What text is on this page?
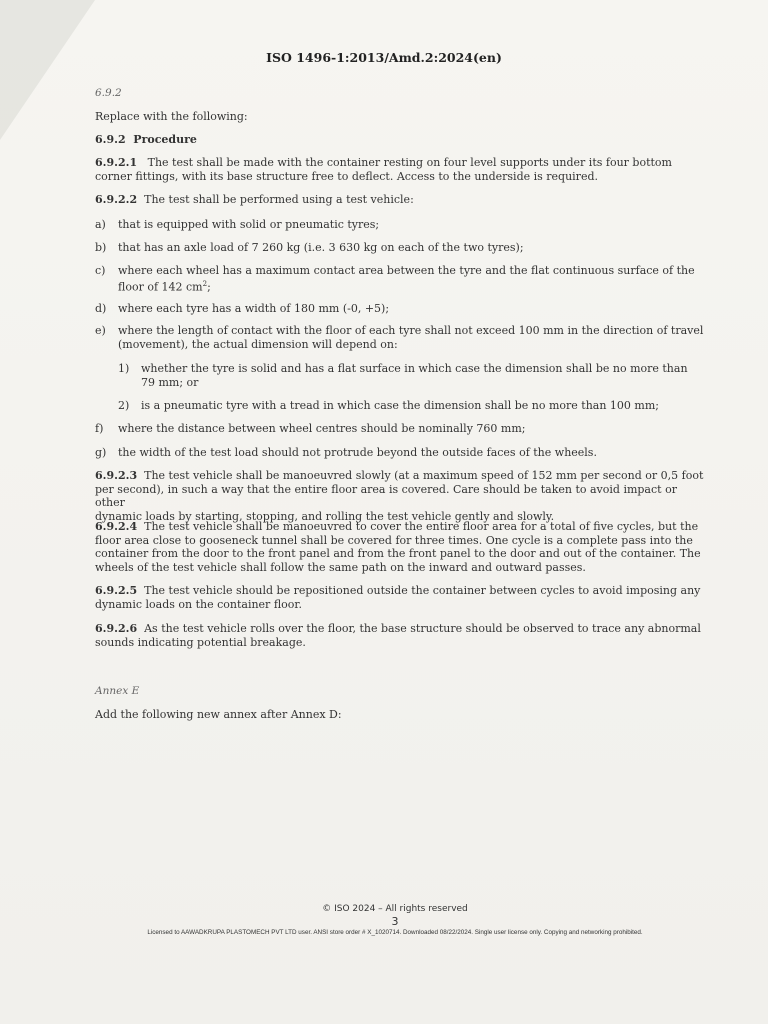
ISO 1496-1:2013/Amd.2:2024(en)
6.9.2
Replace with the following:
6.9.2 Procedure
6.9.2.1 The test shall be made with the container resting on four level supports under its four bottom
corner fittings, with its base structure free to deflect. Access to the underside is required.
6.9.2.2 The test shall be performed using a test vehicle:
a) that is equipped with solid or pneumatic tyres;
b) that has an axle load of 7 260 kg (i.e. 3 630 kg on each of the two tyres);
c) where each wheel has a maximum contact area between the tyre and the flat continuous surface of the
floor of 142 $cm^2$;
d) where each tyre has a width of 180 mm (-0, +5);
e) where the length of contact with the floor of each tyre shall not exceed 100 mm in the direction of travel
(movement), the actual dimension will depend on:
1) whether the tyre is solid and has a flat surface in which case the dimension shall be no more than
79 mm; or
2) is a pneumatic tyre with a tread in which case the dimension shall be no more than 100 mm;
f) where the distance between wheel centres should be nominally 760 mm;
g) the width of the test load should not protrude beyond the outside faces of the wheels.
6.9.2.3 The test vehicle shall be manoeuvred slowly (at a maximum speed of 152 mm per second or 0,5 foot
per second), in such a way that the entire floor area is covered. Care should be taken to avoid impact or other
dynamic loads by starting, stopping, and rolling the test vehicle gently and slowly.
6.9.2.4 The test vehicle shall be manoeuvred to cover the entire floor area for a total of five cycles, but the
floor area close to gooseneck tunnel shall be covered for three times. One cycle is a complete pass into the
container from the door to the front panel and from the front panel to the door and out of the container. The
wheels of the test vehicle shall follow the same path on the inward and outward passes.
6.9.2.5 The test vehicle should be repositioned outside the container between cycles to avoid imposing any
dynamic loads on the container floor.
6.9.2.6 As the test vehicle rolls over the floor, the base structure should be observed to trace any abnormal
sounds indicating potential breakage.
Annex E
Add the following new annex after Annex D:
© ISO 2024 – All rights reserved
3
Licensed to AAWADKRUPA PLASTOMECH PVT LTD user. ANSI store order # X_1020714. Downloaded 08/22/2024. Single user license only. Copying and networking prohibited.
